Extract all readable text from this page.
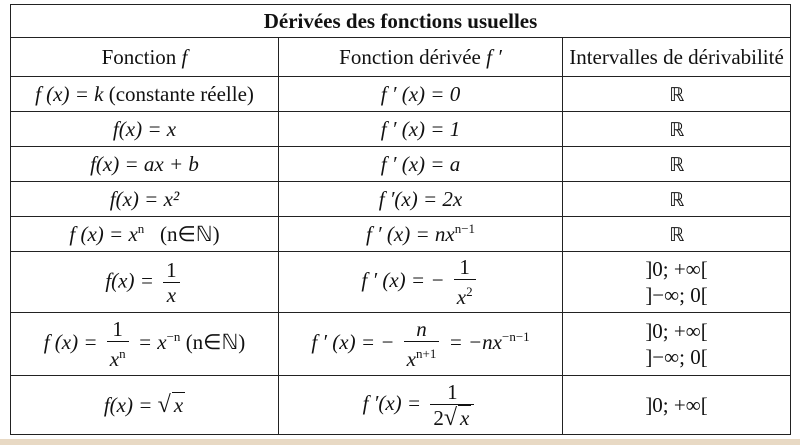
Dérivées des fonctions usuelles		
Fonction f	Fonction dérivée f ′	Intervalles de dérivabilité
f (x) = k (constante réelle)	f ′ (x) = 0	ℝ
f(x) = x	f ′ (x) = 1	ℝ
f(x) = ax + b	f ′ (x) = a	ℝ
f(x) = x²	f ′(x) = 2x	ℝ
f $(x) = x^n$ (n∈ℕ)	f ′ $(x) = nx^{n-1}$	ℝ
$f(x) = \frac{1}{x}$	f ′ (x) = − $\frac{1}{x^2}$	]0; +∞[
]−∞; 0[

f $(x) = \frac{1}{x^n} = x^{-n}$ (n∈ℕ)	f ′ (x) = − $\frac{n}{x^{n+1}} = -nx^{-n-1}$	]0; +∞[
]−∞; 0[

f(x) = √ x	f $'(x) = \frac{1}{2√ x}$	]0; +∞[
